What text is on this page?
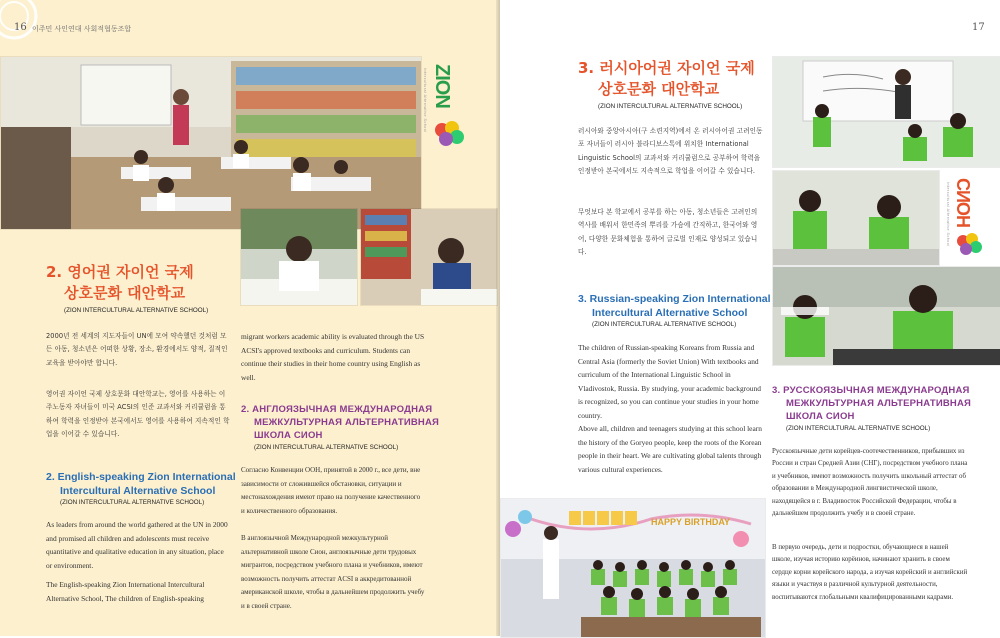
16 이주민 사인연대 사회적협동조합
ZION
Intercultural Alternative School
2. 영어권 자이언 국제
상호문화 대안학교
(ZION INTERCULTURAL ALTERNATIVE SCHOOL)
2000년 전 세계의 지도자들이 UN에 모여 약속했던 것처럼 모든 아동, 청소년은 어떠한 상황, 장소, 환경에서도 양적, 질적인 교육을 받아야만 합니다.
영어권 자이언 국제 상호문화 대안학교는, 영어를 사용하는 이주노동자 자녀들이 미국 ACSI의 인준 교과서와 커리큘럼을 통하여 학력을 인정받아 본국에서도 영어를 사용하여 지속적인 학업을 이어갈 수 있습니다.
2. English-speaking Zion International
Intercultural Alternative School
(ZION INTERCULTURAL ALTERNATIVE SCHOOL)
As leaders from around the world gathered at the UN in 2000 and promised all children and adolescents must receive quantitative and qualitative education in any situation, place or environment.
The English-speaking Zion International Intercultural Alternative School, The children of English-speaking
migrant workers academic ability is evaluated through the US ACSI's approved textbooks and curriculum. Students can continue their studies in their home country using English as well.
2. АНГЛОЯЗЫЧНАЯ МЕЖДУНАРОДНАЯ
МЕЖКУЛЬТУРНАЯ АЛЬТЕРНАТИВНАЯ
ШКОЛА СИОН
(ZION INTERCULTURAL ALTERNATIVE SCHOOL)
Согласно Конвенции ООН, принятой в 2000 г., все дети, вне зависимости от сложившейся обстановки, ситуации и местонахождения имеют право на получение качественного и количественного образования.
В англоязычной Международной межкультурной альтернативной школе Сион, англоязычные дети трудовых мигрантов, посредством учебного плана и учебников, имеют возможность получить аттестат ACSI в аккредитованной американской школе, чтобы в дальнейшем продолжить учебу и в своей стране.
17
3. 러시아어권 자이언 국제
상호문화 대안학교
(ZION INTERCULTURAL ALTERNATIVE SCHOOL)
러시아와 중앙아시아(구 소련지역)에서 온 러시아어권 고려인동포 자녀들이 러시아 블라디보스톡에 위치한 International Linguistic School의 교과서와 커리큘럼으로 공부하여 학력을 인정받아 본국에서도 지속적으로 학업을 이어갈 수 있습니다.
무엇보다 본 학교에서 공부를 하는 아동, 청소년들은 고려인의 역사를 배워서 한민족의 뿌리를 가슴에 간직하고, 한국어와 영어, 다양한 문화체험을 통하여 글로벌 인재로 양성되고 있습니다.
3. Russian-speaking Zion International
Intercultural Alternative School
(ZION INTERCULTURAL ALTERNATIVE SCHOOL)
The children of Russian-speaking Koreans from Russia and Central Asia (formerly the Soviet Union) With textbooks and curriculum of the International Linguistic School in Vladivostok, Russia. By studying, your academic background is recognized, so you can continue your studies in your home country.
Above all, children and teenagers studying at this school learn the history of the Goryeo people, keep the roots of the Korean people in their heart. We are cultivating global talents through various cultural experiences.
HAPPY BIRTHDAY
СИОН
Intercultural Alternative School
3. РУССКОЯЗЫЧНАЯ МЕЖДУНАРОДНАЯ
МЕЖКУЛЬТУРНАЯ АЛЬТЕРНАТИВНАЯ
ШКОЛА СИОН
(ZION INTERCULTURAL ALTERNATIVE SCHOOL)
Русскоязычные дети корейцев-соотечественников, прибывших из России и стран Средней Азии (СНГ), посредством учебного плана и учебников, имеют возможность получить школьный аттестат об образовании в Международной лингвистической школе, находящейся в г. Владивосток Российской Федерации, чтобы в дальнейшем продолжить учебу и в своей стране.
В первую очередь, дети и подростки, обучающиеся в нашей школе, изучая историю корёинов, начинают хранить в своем сердце корни корейского народа, а изучая корейский и английский языки и участвуя в различной культурной деятельности, воспитываются глобальными квалифицированными кадрами.
